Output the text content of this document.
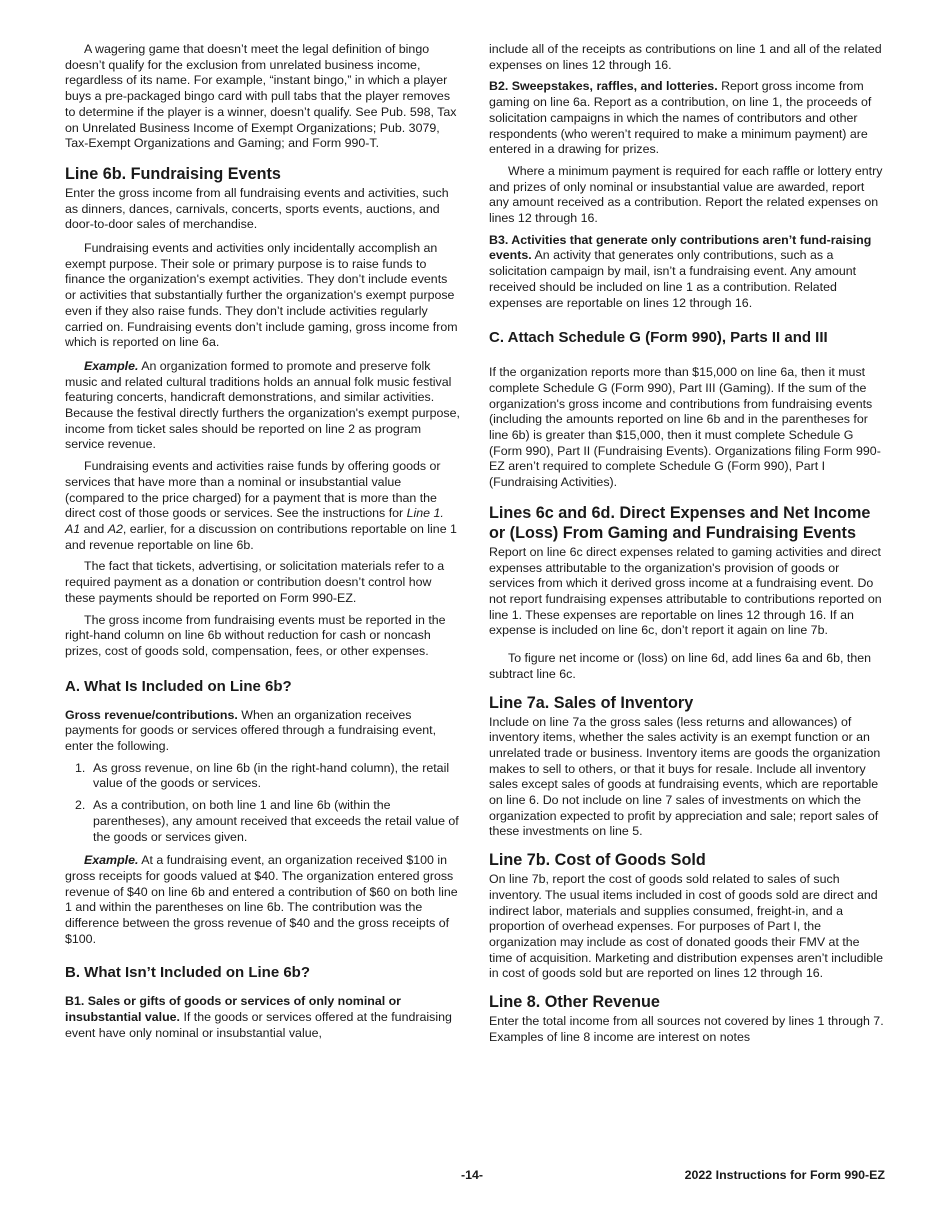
A wagering game that doesn’t meet the legal definition of bingo doesn’t qualify for the exclusion from unrelated business income, regardless of its name. For example, “instant bingo,” in which a player buys a pre-packaged bingo card with pull tabs that the player removes to determine if the player is a winner, doesn’t qualify. See Pub. 598, Tax on Unrelated Business Income of Exempt Organizations; Pub. 3079, Tax-Exempt Organizations and Gaming; and Form 990-T.

Line 6b. Fundraising Events

Enter the gross income from all fundraising events and activities, such as dinners, dances, carnivals, concerts, sports events, auctions, and door-to-door sales of merchandise.

Fundraising events and activities only incidentally accomplish an exempt purpose. Their sole or primary purpose is to raise funds to finance the organization's exempt activities. They don’t include events or activities that substantially further the organization's exempt purpose even if they also raise funds. They don’t include activities regularly carried on. Fundraising events don’t include gaming, gross income from which is reported on line 6a.

Example. An organization formed to promote and preserve folk music and related cultural traditions holds an annual folk music festival featuring concerts, handicraft demonstrations, and similar activities. Because the festival directly furthers the organization's exempt purpose, income from ticket sales should be reported on line 2 as program service revenue.

Fundraising events and activities raise funds by offering goods or services that have more than a nominal or insubstantial value (compared to the price charged) for a payment that is more than the direct cost of those goods or services. See the instructions for Line 1. A1 and A2, earlier, for a discussion on contributions reportable on line 1 and revenue reportable on line 6b.

The fact that tickets, advertising, or solicitation materials refer to a required payment as a donation or contribution doesn’t control how these payments should be reported on Form 990-EZ.

The gross income from fundraising events must be reported in the right-hand column on line 6b without reduction for cash or noncash prizes, cost of goods sold, compensation, fees, or other expenses.

A. What Is Included on Line 6b?

Gross revenue/contributions. When an organization receives payments for goods or services offered through a fundraising event, enter the following.

1. As gross revenue, on line 6b (in the right-hand column), the retail value of the goods or services.
2. As a contribution, on both line 1 and line 6b (within the parentheses), any amount received that exceeds the retail value of the goods or services given.

Example. At a fundraising event, an organization received $100 in gross receipts for goods valued at $40. The organization entered gross revenue of $40 on line 6b and entered a contribution of $60 on both line 1 and within the parentheses on line 6b. The contribution was the difference between the gross revenue of $40 and the gross receipts of $100.

B. What Isn’t Included on Line 6b?

B1. Sales or gifts of goods or services of only nominal or insubstantial value. If the goods or services offered at the fundraising event have only nominal or insubstantial value,

include all of the receipts as contributions on line 1 and all of the related expenses on lines 12 through 16.

B2. Sweepstakes, raffles, and lotteries. Report gross income from gaming on line 6a. Report as a contribution, on line 1, the proceeds of solicitation campaigns in which the names of contributors and other respondents (who weren’t required to make a minimum payment) are entered in a drawing for prizes.

Where a minimum payment is required for each raffle or lottery entry and prizes of only nominal or insubstantial value are awarded, report any amount received as a contribution. Report the related expenses on lines 12 through 16.

B3. Activities that generate only contributions aren’t fund-raising events. An activity that generates only contributions, such as a solicitation campaign by mail, isn’t a fundraising event. Any amount received should be included on line 1 as a contribution. Related expenses are reportable on lines 12 through 16.

C. Attach Schedule G (Form 990), Parts II and III

If the organization reports more than $15,000 on line 6a, then it must complete Schedule G (Form 990), Part III (Gaming). If the sum of the organization's gross income and contributions from fundraising events (including the amounts reported on line 6b and in the parentheses for line 6b) is greater than $15,000, then it must complete Schedule G (Form 990), Part II (Fundraising Events). Organizations filing Form 990-EZ aren’t required to complete Schedule G (Form 990), Part I (Fundraising Activities).

Lines 6c and 6d. Direct Expenses and Net Income or (Loss) From Gaming and Fundraising Events

Report on line 6c direct expenses related to gaming activities and direct expenses attributable to the organization's provision of goods or services from which it derived gross income at a fundraising event. Do not report fundraising expenses attributable to contributions reported on line 1. These expenses are reportable on lines 12 through 16. If an expense is included on line 6c, don’t report it again on line 7b.

To figure net income or (loss) on line 6d, add lines 6a and 6b, then subtract line 6c.

Line 7a. Sales of Inventory

Include on line 7a the gross sales (less returns and allowances) of inventory items, whether the sales activity is an exempt function or an unrelated trade or business. Inventory items are goods the organization makes to sell to others, or that it buys for resale. Include all inventory sales except sales of goods at fundraising events, which are reportable on line 6. Do not include on line 7 sales of investments on which the organization expected to profit by appreciation and sale; report sales of these investments on line 5.

Line 7b. Cost of Goods Sold

On line 7b, report the cost of goods sold related to sales of such inventory. The usual items included in cost of goods sold are direct and indirect labor, materials and supplies consumed, freight-in, and a proportion of overhead expenses. For purposes of Part I, the organization may include as cost of donated goods their FMV at the time of acquisition. Marketing and distribution expenses aren’t includible in cost of goods sold but are reported on lines 12 through 16.

Line 8. Other Revenue

Enter the total income from all sources not covered by lines 1 through 7. Examples of line 8 income are interest on notes

-14-	2022 Instructions for Form 990-EZ
